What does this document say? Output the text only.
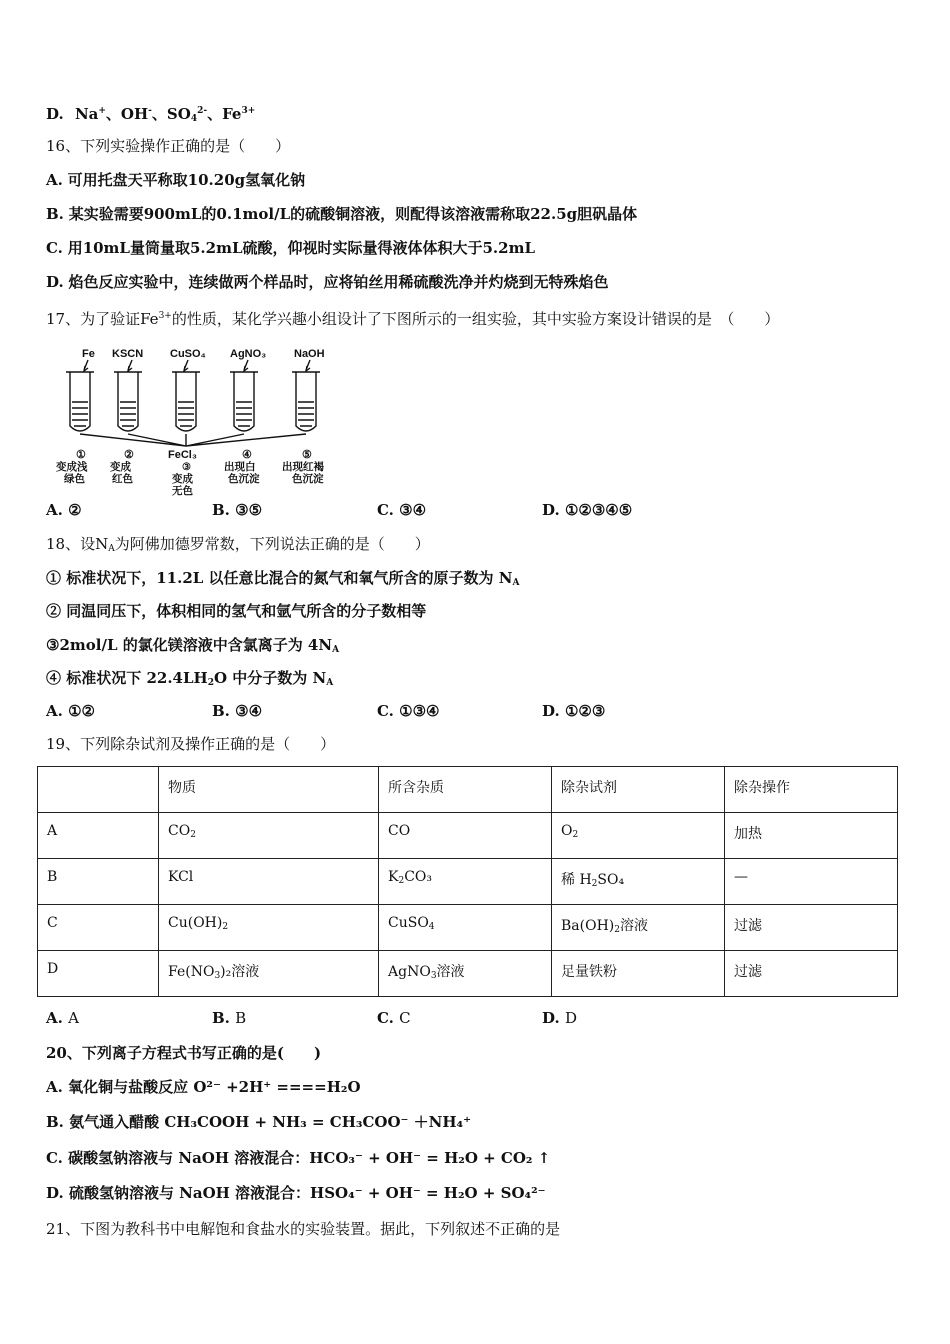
D. Na+、OH-、$SO_4^{2-}$、$Fe^{3+}$
16、下列实验操作正确的是（　　）
A. 可用托盘天平称取10.20g氢氧化钠
B. 某实验需要900mL的0.1mol/L的硫酸铜溶液，则配得该溶液需称取22.5g胆矾晶体
C. 用10mL量筒量取5.2mL硫酸，仰视时实际量得液体体积大于5.2mL
D. 焰色反应实验中，连续做两个样品时，应将铂丝用稀硫酸洗净并灼烧到无特殊焰色
17、为了验证$Fe^{3+}$的性质，某化学兴趣小组设计了下图所示的一组实验，其中实验方案设计错误的是　（　　）
Fe KSCN CuSO₄ AgNO₃	NaOH
FeCl₃
①	②
③
④	⑤
变成浅 变成
变成
出现白	出现红褐
绿色	红色
无色
色沉淀	色沉淀
A. ②	B. ③⑤	C. ③④	D. ①②③④⑤
18、设$N_A$为阿佛加德罗常数，下列说法正确的是（　　）
① 标准状况下，11.2L 以任意比混合的氮气和氧气所含的原子数为 $N_A$
② 同温同压下，体积相同的氢气和氩气所含的分子数相等
③2mol/L 的氯化镁溶液中含氯离子为 $4N_A$
④ 标准状况下 $22.4LH_2O$ 中分子数为 $N_A$
A. ①②	B. ③④	C. ①③④	D. ①②③
19、下列除杂试剂及操作正确的是（　　）
	物质	所含杂质	除杂试剂	除杂操作
A	$CO_2$	CO	$O_2$	加热
B	KCl	$K_2CO_3$	稀 $H_2SO_4$	—
C	$Cu(OH)_2$	CuSO$_4$	$Ba(OH)_2$溶液	过滤
D	$Fe(NO_3)_2$溶液	AgNO$_3$溶液	足量铁粉	过滤
A. A	B. B	C. C	D. D
20、下列离子方程式书写正确的是(　　)
A. 氧化铜与盐酸反应 O²⁻ +2H⁺ ====H₂O
B. 氨气通入醋酸 CH₃COOH + NH₃ = CH₃COO⁻ ＋NH₄⁺
C. 碳酸氢钠溶液与 NaOH 溶液混合：HCO₃⁻ + OH⁻ = H₂O + CO₂ ↑
D. 硫酸氢钠溶液与 NaOH 溶液混合：HSO₄⁻ + OH⁻ = H₂O + SO₄²⁻
21、下图为教科书中电解饱和食盐水的实验装置。据此，下列叙述不正确的是
